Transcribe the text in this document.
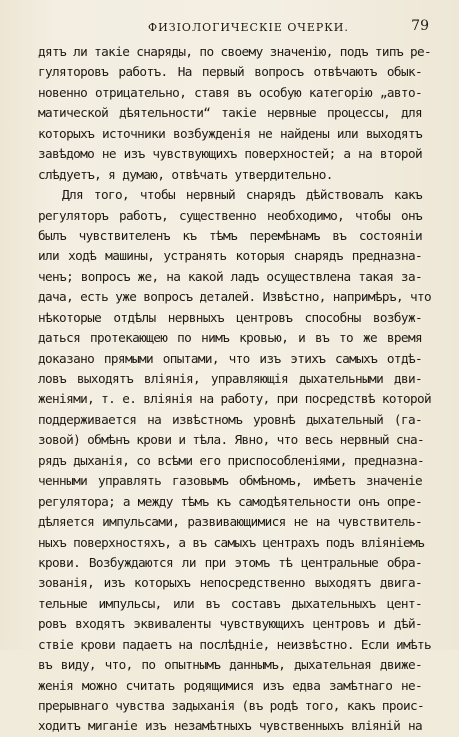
ФИЗІОЛОГИЧЕСКІЕ ОЧЕРКИ.	79
дятъ ли такіе снаряды, по своему значенію, подъ типъ ре-
гуляторовъ работъ. На первый вопросъ отвѣчаютъ обык-
новенно отрицательно, ставя въ особую категорію „авто-
матической дѣятельности“ такіе нервные процессы, для
которыхъ источники возбужденія не найдены или выходятъ
завѣдомо не изъ чувствующихъ поверхностей; а на второй
слѣдуетъ, я думаю, отвѣчать утвердительно.
Для того, чтобы нервный снарядъ дѣйствовалъ какъ
регуляторъ работъ, существенно необходимо, чтобы онъ
былъ чувствителенъ къ тѣмъ перемѣнамъ въ состояніи
или ходѣ машины, устранять которыя снарядъ предназна-
ченъ; вопросъ же, на какой ладъ осуществлена такая за-
дача, есть уже вопросъ деталей. Извѣстно, напримѣръ, что
нѣкоторые отдѣлы нервныхъ центровъ способны возбуж-
даться протекающею по нимъ кровью, и въ то же время
доказано прямыми опытами, что изъ этихъ самыхъ отдѣ-
ловъ выходятъ вліянія, управляющія дыхательными дви-
женіями, т. е. вліянія на работу, при посредствѣ которой
поддерживается на извѣстномъ уровнѣ дыхательный (га-
зовой) обмѣнъ крови и тѣла. Явно, что весь нервный сна-
рядъ дыханія, со всѣми его приспособленіями, предназна-
ченными управлять газовымъ обмѣномъ, имѣетъ значеніе
регулятора; а между тѣмъ къ самодѣятельности онъ опре-
дѣляется импульсами, развивающимися не на чувствитель-
ныхъ поверхностяхъ, а въ самыхъ центрахъ подъ вліяніемъ
крови. Возбуждаются ли при этомъ тѣ центральные обра-
зованія, изъ которыхъ непосредственно выходятъ двига-
тельные импульсы, или въ составъ дыхательныхъ цент-
ровъ входятъ эквиваленты чувствующихъ центровъ и дѣй-
ствіе крови падаетъ на послѣдніе, неизвѣстно. Если имѣть
въ виду, что, по опытнымъ даннымъ, дыхательная движе-
женія можно считать родящимися изъ едва замѣтнаго не-
прерывнаго чувства задыханія (въ родѣ того, какъ проис-
ходитъ миганіе изъ незамѣтныхъ чувственныхъ вліяній на
